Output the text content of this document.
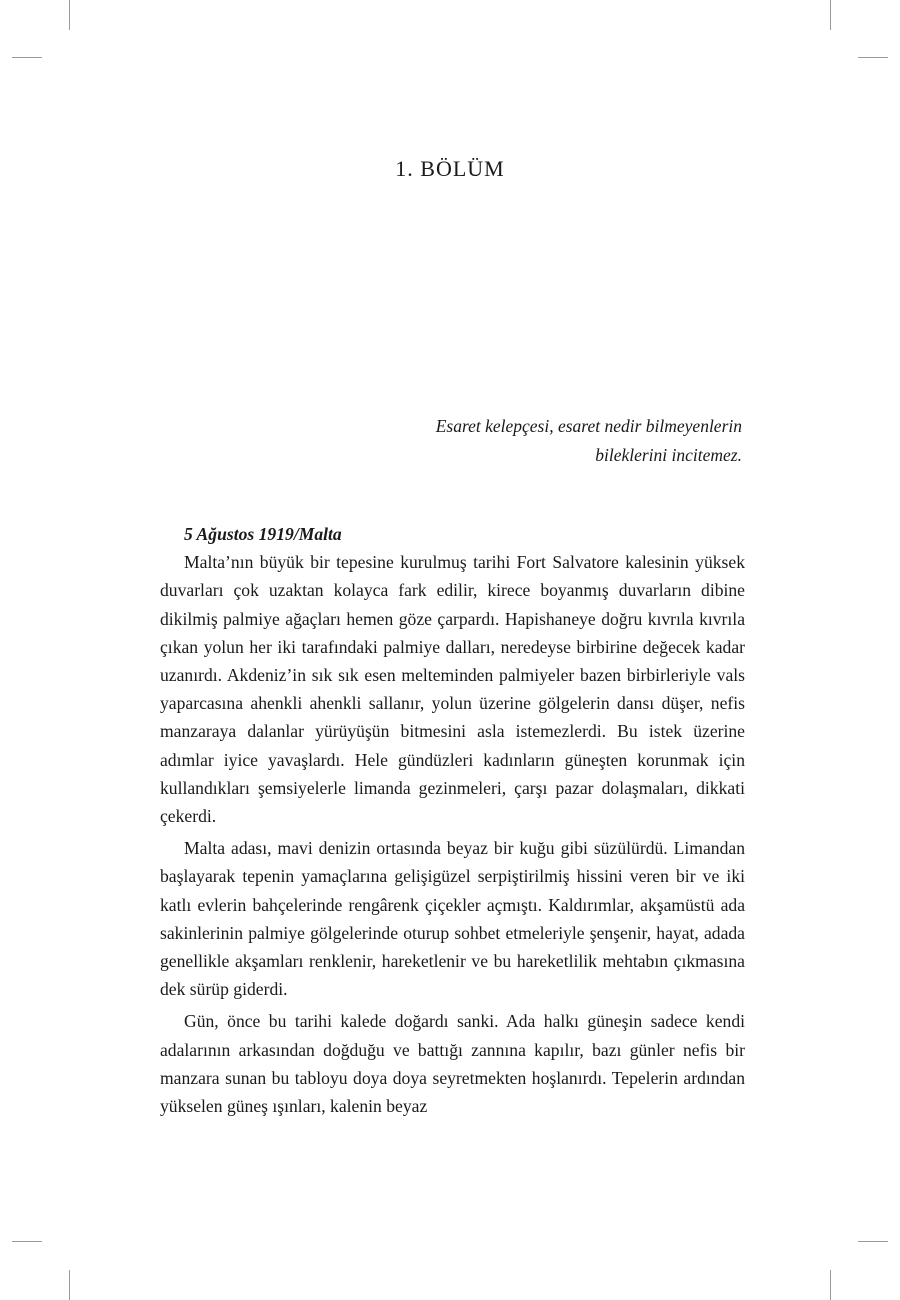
1. BÖLÜM
Esaret kelepçesi, esaret nedir bilmeyenlerin
bileklerini incitemez.

5 Ağustos 1919/Malta

Malta’nın büyük bir tepesine kurulmuş tarihi Fort Salvatore kalesinin yüksek duvarları çok uzaktan kolayca fark edilir, kirece boyanmış duvarların dibine dikilmiş palmiye ağaçları hemen göze çarpardı. Hapishaneye doğru kıvrıla kıvrıla çıkan yolun her iki tarafındaki palmiye dalları, neredeyse birbirine değecek kadar uzanırdı. Akdeniz’in sık sık esen melteminden palmiyeler bazen birbirleriyle vals yaparcasına ahenkli ahenkli sallanır, yolun üzerine gölgelerin dansı düşer, nefis manzaraya dalanlar yürüyüşün bitmesini asla istemezlerdi. Bu istek üzerine adımlar iyice yavaşlardı. Hele gündüzleri kadınların güneşten korunmak için kullandıkları şemsiyelerle limanda gezinmeleri, çarşı pazar dolaşmaları, dikkati çekerdi.

Malta adası, mavi denizin ortasında beyaz bir kuğu gibi süzülürdü. Limandan başlayarak tepenin yamaçlarına gelişigüzel serpiştirilmiş hissini veren bir ve iki katlı evlerin bahçelerinde rengârenk çiçekler açmıştı. Kaldırımlar, akşamüstü ada sakinlerinin palmiye gölgelerinde oturup sohbet etmeleriyle şenşenir, hayat, adada genellikle akşamları renklenir, hareketlenir ve bu hareketlilik mehtabın çıkmasına dek sürüp giderdi.

Gün, önce bu tarihi kalede doğardı sanki. Ada halkı güneşin sadece kendi adalarının arkasından doğduğu ve battığı zannına kapılır, bazı günler nefis bir manzara sunan bu tabloyu doya doya seyretmekten hoşlanırdı. Tepelerin ardından yükselen güneş ışınları, kalenin beyaz
